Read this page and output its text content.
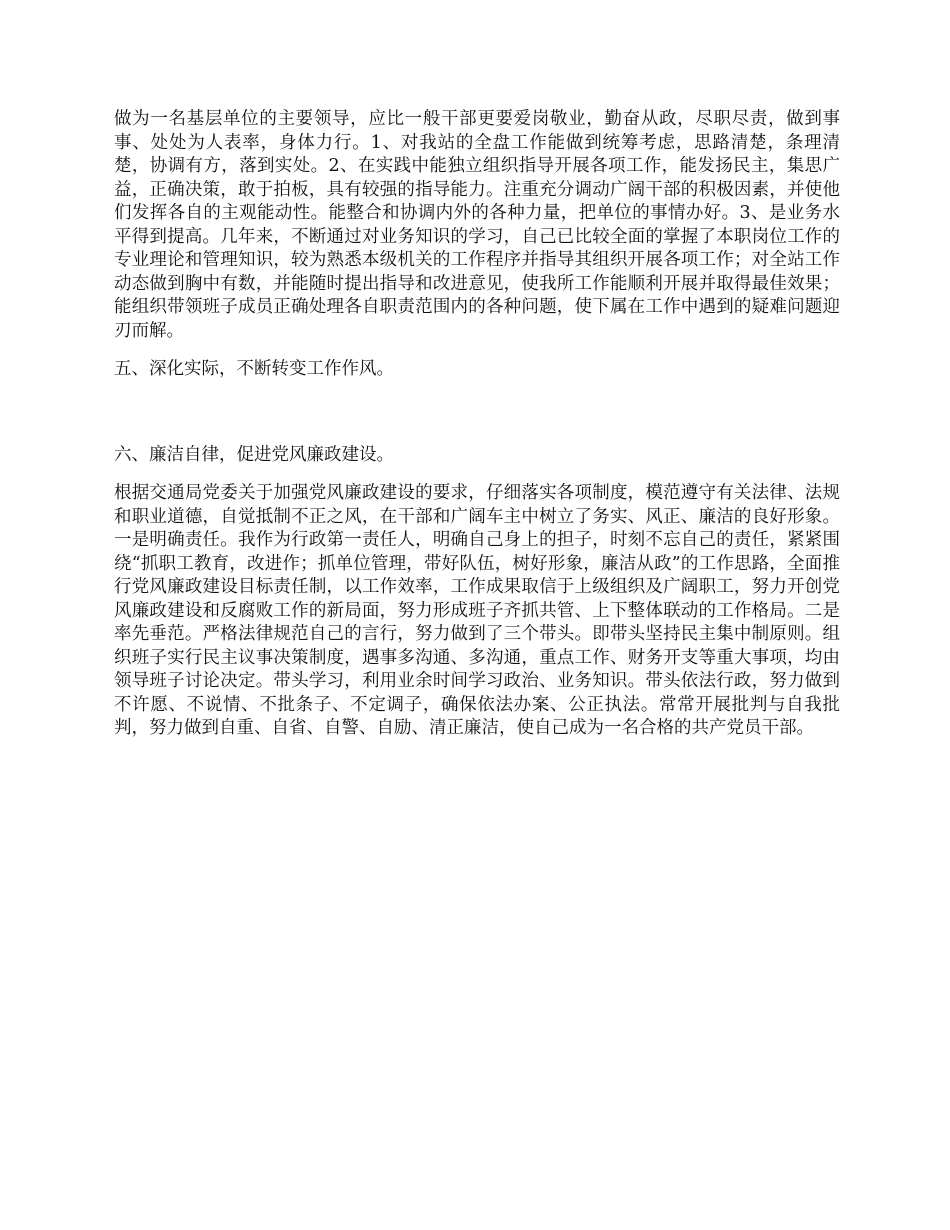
做为一名基层单位的主要领导，应比一般干部更要爱岗敬业，勤奋从政，尽职尽责，做到事事、处处为人表率，身体力行。1、对我站的全盘工作能做到统筹考虑，思路清楚，条理清楚，协调有方，落到实处。2、在实践中能独立组织指导开展各项工作，能发扬民主，集思广益，正确决策，敢于拍板，具有较强的指导能力。注重充分调动广阔干部的积极因素，并使他们发挥各自的主观能动性。能整合和协调内外的各种力量，把单位的事情办好。3、是业务水平得到提高。几年来，不断通过对业务知识的学习，自己已比较全面的掌握了本职岗位工作的专业理论和管理知识，较为熟悉本级机关的工作程序并指导其组织开展各项工作；对全站工作动态做到胸中有数，并能随时提出指导和改进意见，使我所工作能顺利开展并取得最佳效果；能组织带领班子成员正确处理各自职责范围内的各种问题，使下属在工作中遇到的疑难问题迎刃而解。

五、深化实际，不断转变工作作风。

六、廉洁自律，促进党风廉政建设。

根据交通局党委关于加强党风廉政建设的要求，仔细落实各项制度，模范遵守有关法律、法规和职业道德，自觉抵制不正之风，在干部和广阔车主中树立了务实、风正、廉洁的良好形象。一是明确责任。我作为行政第一责任人，明确自己身上的担子，时刻不忘自己的责任，紧紧围绕“抓职工教育，改进作；抓单位管理，带好队伍，树好形象，廉洁从政”的工作思路，全面推行党风廉政建设目标责任制，以工作效率，工作成果取信于上级组织及广阔职工，努力开创党风廉政建设和反腐败工作的新局面，努力形成班子齐抓共管、上下整体联动的工作格局。二是率先垂范。严格法律规范自己的言行，努力做到了三个带头。即带头坚持民主集中制原则。组织班子实行民主议事决策制度，遇事多沟通、多沟通，重点工作、财务开支等重大事项，均由领导班子讨论决定。带头学习，利用业余时间学习政治、业务知识。带头依法行政，努力做到不许愿、不说情、不批条子、不定调子，确保依法办案、公正执法。常常开展批判与自我批判，努力做到自重、自省、自警、自励、清正廉洁，使自己成为一名合格的共产党员干部。
